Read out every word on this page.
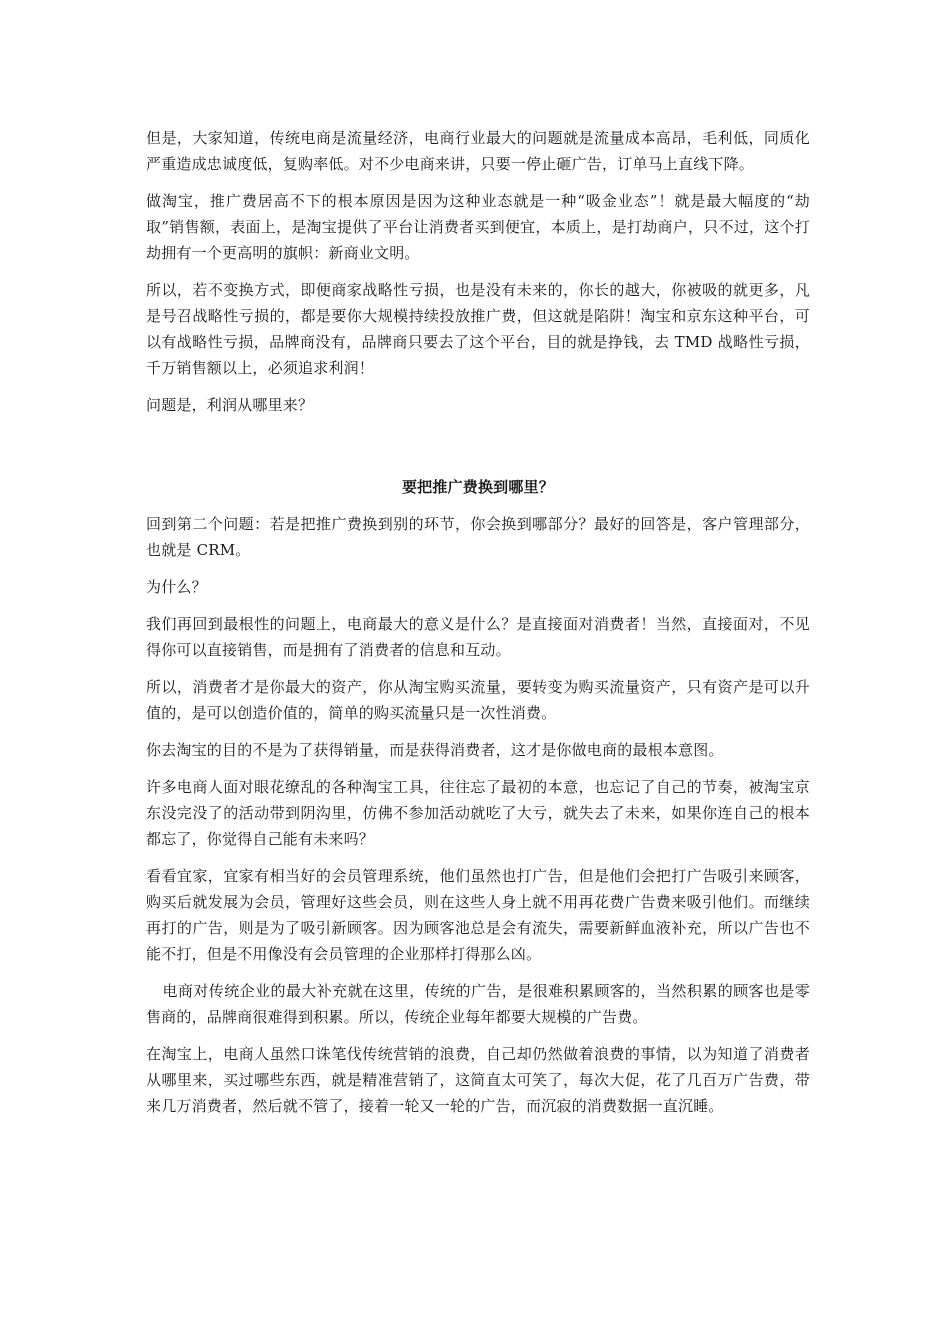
但是，大家知道，传统电商是流量经济，电商行业最大的问题就是流量成本高昂，毛利低，同质化严重造成忠诚度低，复购率低。对不少电商来讲，只要一停止砸广告，订单马上直线下降。

做淘宝，推广费居高不下的根本原因是因为这种业态就是一种“吸金业态”！就是最大幅度的“劫取”销售额，表面上，是淘宝提供了平台让消费者买到便宜，本质上，是打劫商户，只不过，这个打劫拥有一个更高明的旗帜：新商业文明。

所以，若不变换方式，即便商家战略性亏损，也是没有未来的，你长的越大，你被吸的就更多，凡是号召战略性亏损的，都是要你大规模持续投放推广费，但这就是陷阱！淘宝和京东这种平台，可以有战略性亏损，品牌商没有，品牌商只要去了这个平台，目的就是挣钱，去 TMD 战略性亏损，千万销售额以上，必须追求利润！

问题是，利润从哪里来？

要把推广费换到哪里？

回到第二个问题：若是把推广费换到别的环节，你会换到哪部分？最好的回答是，客户管理部分，也就是 CRM。

为什么？

我们再回到最根性的问题上，电商最大的意义是什么？是直接面对消费者！当然，直接面对，不见得你可以直接销售，而是拥有了消费者的信息和互动。

所以，消费者才是你最大的资产，你从淘宝购买流量，要转变为购买流量资产，只有资产是可以升值的，是可以创造价值的，简单的购买流量只是一次性消费。

你去淘宝的目的不是为了获得销量，而是获得消费者，这才是你做电商的最根本意图。

许多电商人面对眼花缭乱的各种淘宝工具，往往忘了最初的本意，也忘记了自己的节奏，被淘宝京东没完没了的活动带到阴沟里，仿佛不参加活动就吃了大亏，就失去了未来，如果你连自己的根本都忘了，你觉得自己能有未来吗？

看看宜家，宜家有相当好的会员管理系统，他们虽然也打广告，但是他们会把打广告吸引来顾客，购买后就发展为会员，管理好这些会员，则在这些人身上就不用再花费广告费来吸引他们。而继续再打的广告，则是为了吸引新顾客。因为顾客池总是会有流失，需要新鲜血液补充，所以广告也不能不打，但是不用像没有会员管理的企业那样打得那么凶。

电商对传统企业的最大补充就在这里，传统的广告，是很难积累顾客的，当然积累的顾客也是零售商的，品牌商很难得到积累。所以，传统企业每年都要大规模的广告费。

在淘宝上，电商人虽然口诛笔伐传统营销的浪费，自己却仍然做着浪费的事情，以为知道了消费者从哪里来，买过哪些东西，就是精准营销了，这简直太可笑了，每次大促，花了几百万广告费，带来几万消费者，然后就不管了，接着一轮又一轮的广告，而沉寂的消费数据一直沉睡。
